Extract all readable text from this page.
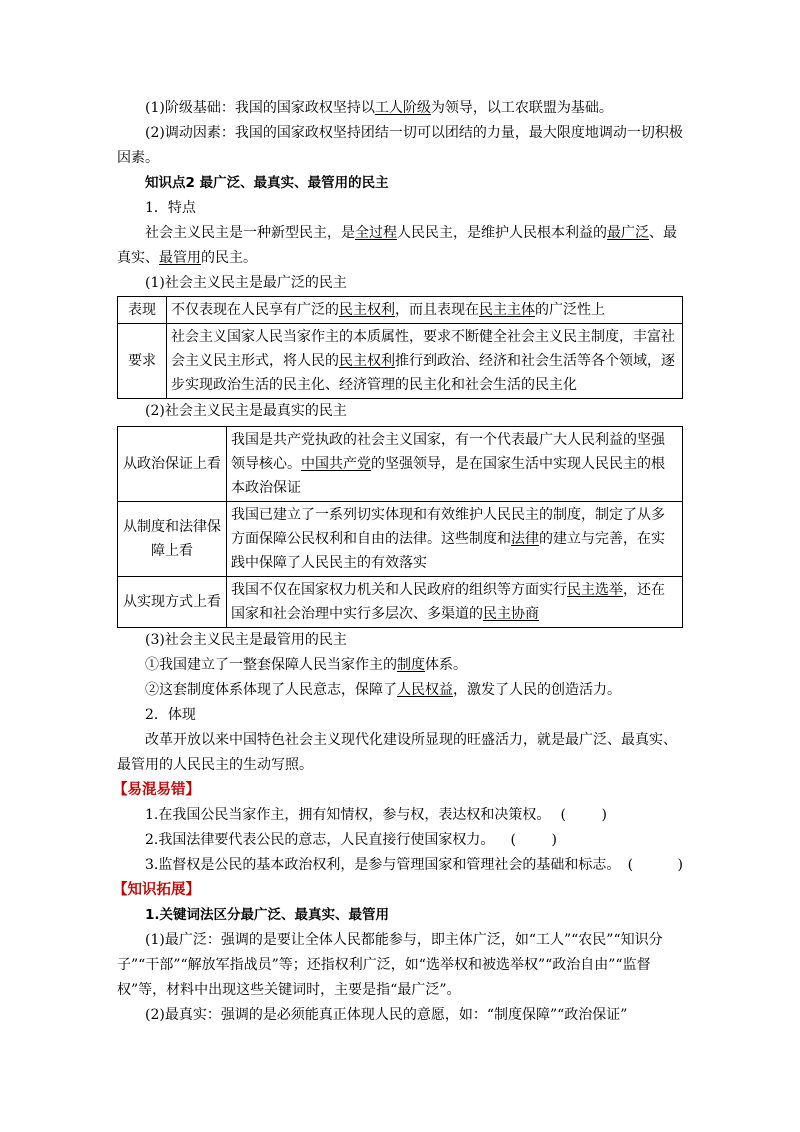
(1)阶级基础：我国的国家政权坚持以工人阶级为领导，以工农联盟为基础。

(2)调动因素：我国的国家政权坚持团结一切可以团结的力量，最大限度地调动一切积极因素。

知识点2 最广泛、最真实、最管用的民主

1．特点

社会主义民主是一种新型民主，是全过程人民民主，是维护人民根本利益的最广泛、最真实、最管用的民主。

(1)社会主义民主是最广泛的民主

表现	不仅表现在人民享有广泛的民主权利，而且表现在民主主体的广泛性上
要求	社会主义国家人民当家作主的本质属性，要求不断健全社会主义民主制度，丰富社会主义民主形式，将人民的民主权利推行到政治、经济和社会生活等各个领域，逐步实现政治生活的民主化、经济管理的民主化和社会生活的民主化

(2)社会主义民主是最真实的民主

从政治保证上看	我国是共产党执政的社会主义国家，有一个代表最广大人民利益的坚强领导核心。中国共产党的坚强领导，是在国家生活中实现人民民主的根本政治保证
从制度和法律保障上看	我国已建立了一系列切实体现和有效维护人民民主的制度，制定了从多方面保障公民权利和自由的法律。这些制度和法律的建立与完善，在实践中保障了人民民主的有效落实
从实现方式上看	我国不仅在国家权力机关和人民政府的组织等方面实行民主选举，还在国家和社会治理中实行多层次、多渠道的民主协商

(3)社会主义民主是最管用的民主

①我国建立了一整套保障人民当家作主的制度体系。

②这套制度体系体现了人民意志，保障了人民权益，激发了人民的创造活力。

2．体现

改革开放以来中国特色社会主义现代化建设所显现的旺盛活力，就是最广泛、最真实、最管用的人民民主的生动写照。

【易混易错】

1.在我国公民当家作主，拥有知情权，参与权，表达权和决策权。 (        )
2.我国法律要代表公民的意志，人民直接行使国家权力。 (        )
3.监督权是公民的基本政治权利，是参与管理国家和管理社会的基础和标志。 (          )

【知识拓展】

1.关键词法区分最广泛、最真实、最管用

(1)最广泛：强调的是要让全体人民都能参与，即主体广泛，如“工人”“农民”“知识分子”“干部”“解放军指战员”等；还指权利广泛，如“选举权和被选举权”“政治自由”“监督权”等，材料中出现这些关键词时，主要是指“最广泛”。

(2)最真实：强调的是必须能真正体现人民的意愿，如：“制度保障”“政治保证”
